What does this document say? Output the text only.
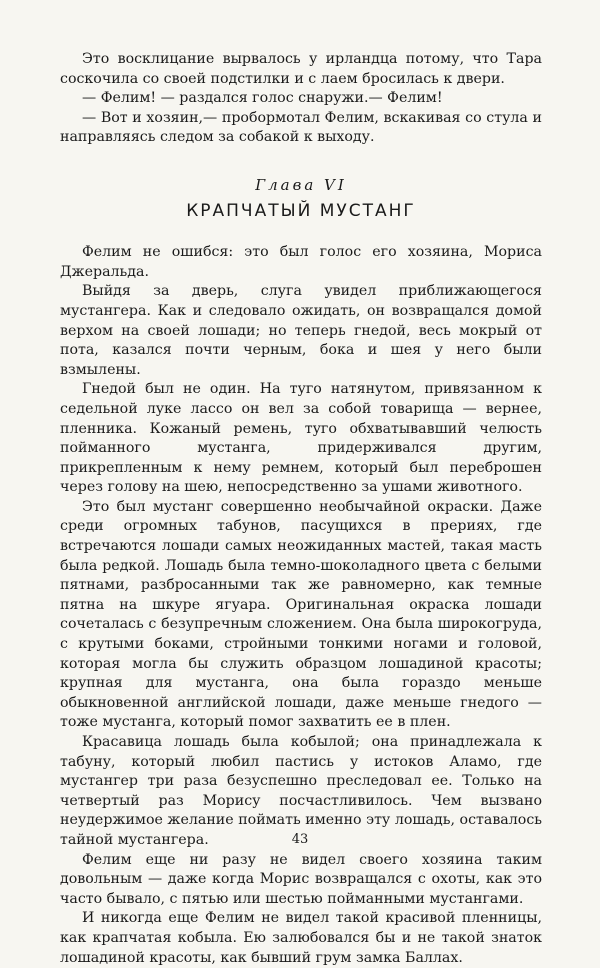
Это восклицание вырвалось у ирландца потому, что Тара соскочила со своей подстилки и с лаем бросилась к двери.

— Фелим! — раздался голос снаружи.— Фелим!

— Вот и хозяин,— пробормотал Фелим, вскакивая со стула и направляясь следом за собакой к выходу.

Глава VI
КРАПЧАТЫЙ МУСТАНГ

Фелим не ошибся: это был голос его хозяина, Мориса Джеральда.

Выйдя за дверь, слуга увидел приближающегося мустангера. Как и следовало ожидать, он возвращался домой верхом на своей лошади; но теперь гнедой, весь мокрый от пота, казался почти черным, бока и шея у него были взмылены.

Гнедой был не один. На туго натянутом, привязанном к седельной луке лассо он вел за собой товарища — вернее, пленника. Кожаный ремень, туго обхватывавший челюсть пойманного мустанга, придерживался другим, прикрепленным к нему ремнем, который был переброшен через голову на шею, непосредственно за ушами животного.

Это был мустанг совершенно необычайной окраски. Даже среди огромных табунов, пасущихся в прериях, где встречаются лошади самых неожиданных мастей, такая масть была редкой. Лошадь была темно-шоколадного цвета с белыми пятнами, разбросанными так же равномерно, как темные пятна на шкуре ягуара. Оригинальная окраска лошади сочеталась с безупречным сложением. Она была широкогруда, с крутыми боками, стройными тонкими ногами и головой, которая могла бы служить образцом лошадиной красоты; крупная для мустанга, она была гораздо меньше обыкновенной английской лошади, даже меньше гнедого — тоже мустанга, который помог захватить ее в плен.

Красавица лошадь была кобылой; она принадлежала к табуну, который любил пастись у истоков Аламо, где мустангер три раза безуспешно преследовал ее. Только на четвертый раз Морису посчастливилось. Чем вызвано неудержимое желание поймать именно эту лошадь, оставалось тайной мустангера.

Фелим еще ни разу не видел своего хозяина таким довольным — даже когда Морис возвращался с охоты, как это часто бывало, с пятью или шестью пойманными мустангами.

И никогда еще Фелим не видел такой красивой пленницы, как крапчатая кобыла. Ею залюбовался бы и не такой знаток лошадиной красоты, как бывший грум замка Баллах.

43
